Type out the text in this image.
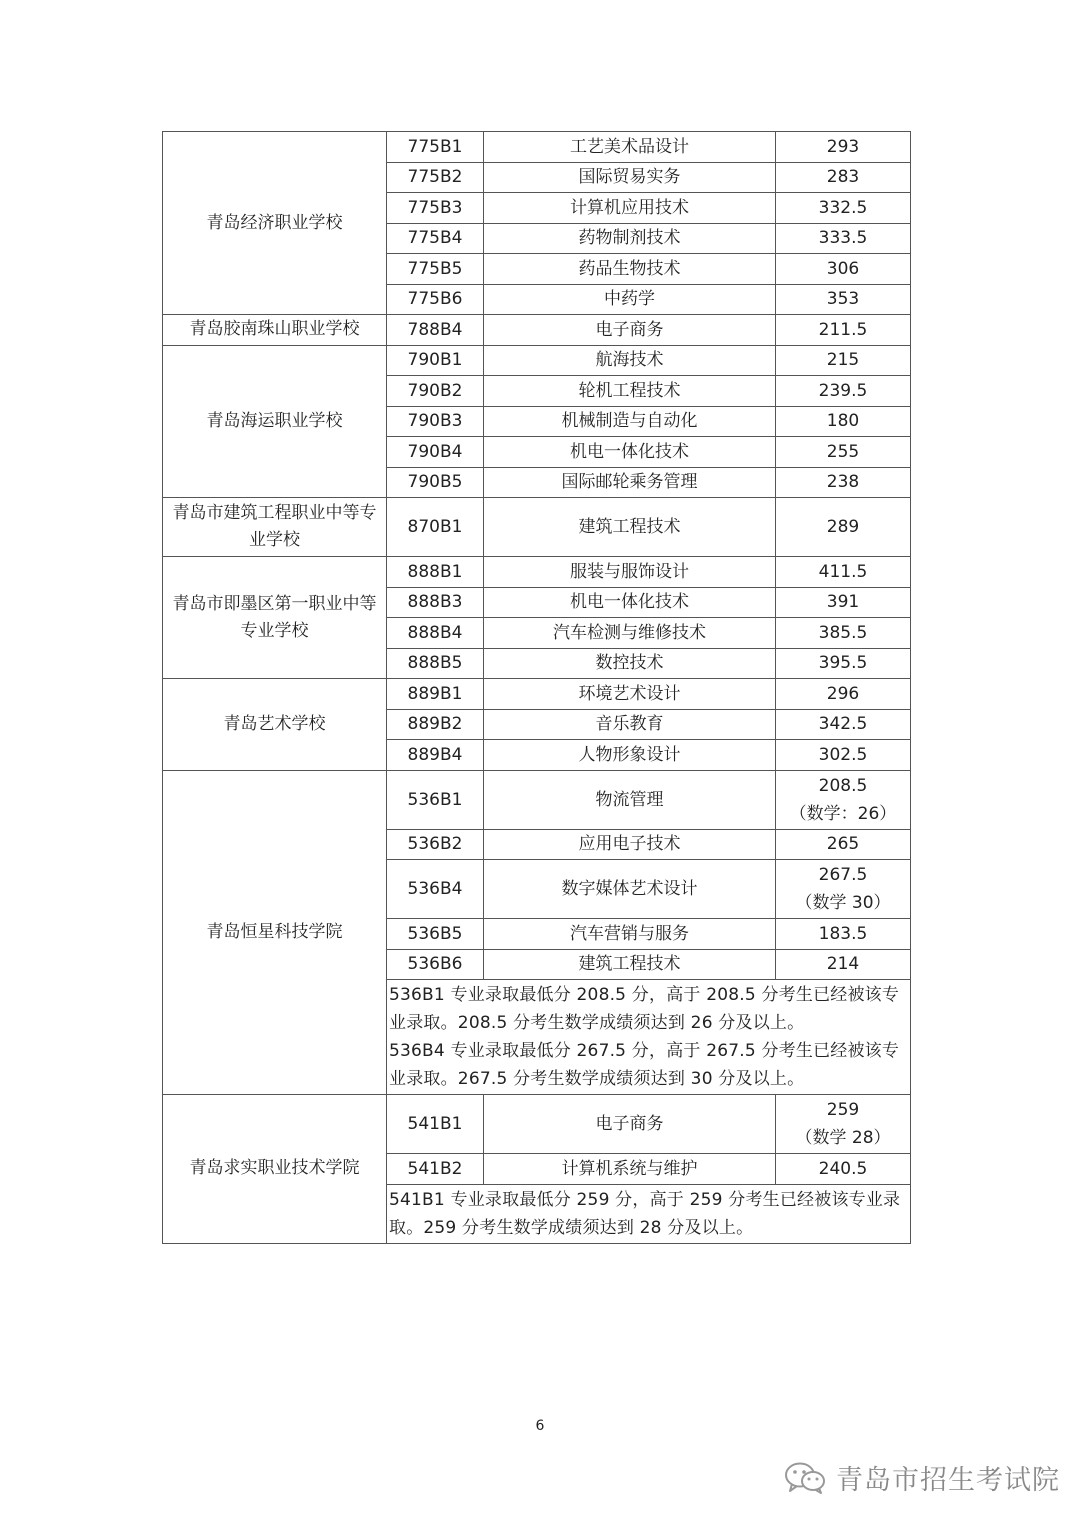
青岛经济职业学校	775B1	工艺美术品设计	293

	775B2	国际贸易实务	283

	775B3	计算机应用技术	332.5

	775B4	药物制剂技术	333.5

	775B5	药品生物技术	306

	775B6	中药学	353

青岛胶南珠山职业学校	788B4	电子商务	211.5

青岛海运职业学校	790B1	航海技术	215

	790B2	轮机工程技术	239.5

	790B3	机械制造与自动化	180

	790B4	机电一体化技术	255

	790B5	国际邮轮乘务管理	238

青岛市建筑工程职业中等专业学校	870B1	建筑工程技术	289

青岛市即墨区第一职业中等专业学校	888B1	服装与服饰设计	411.5

	888B3	机电一体化技术	391

	888B4	汽车检测与维修技术	385.5

	888B5	数控技术	395.5

青岛艺术学校	889B1	环境艺术设计	296

	889B2	音乐教育	342.5

	889B4	人物形象设计	302.5

青岛恒星科技学院	536B1	物流管理	208.5
（数学：26）

	536B2	应用电子技术	265

	536B4	数字媒体艺术设计	267.5
（数学 30）

	536B5	汽车营销与服务	183.5

	536B6	建筑工程技术	214

	536B1 专业录取最低分 208.5 分，高于 208.5 分考生已经被该专业录取。208.5 分考生数学成绩须达到 26 分及以上。

536B4 专业录取最低分 267.5 分，高于 267.5 分考生已经被该专业录取。267.5 分考生数学成绩须达到 30 分及以上。		

青岛求实职业技术学院	541B1	电子商务	259
（数学 28）

	541B2	计算机系统与维护	240.5

	541B1 专业录取最低分 259 分，高于 259 分考生已经被该专业录取。259 分考生数学成绩须达到 28 分及以上。		

6
青岛市招生考试院
